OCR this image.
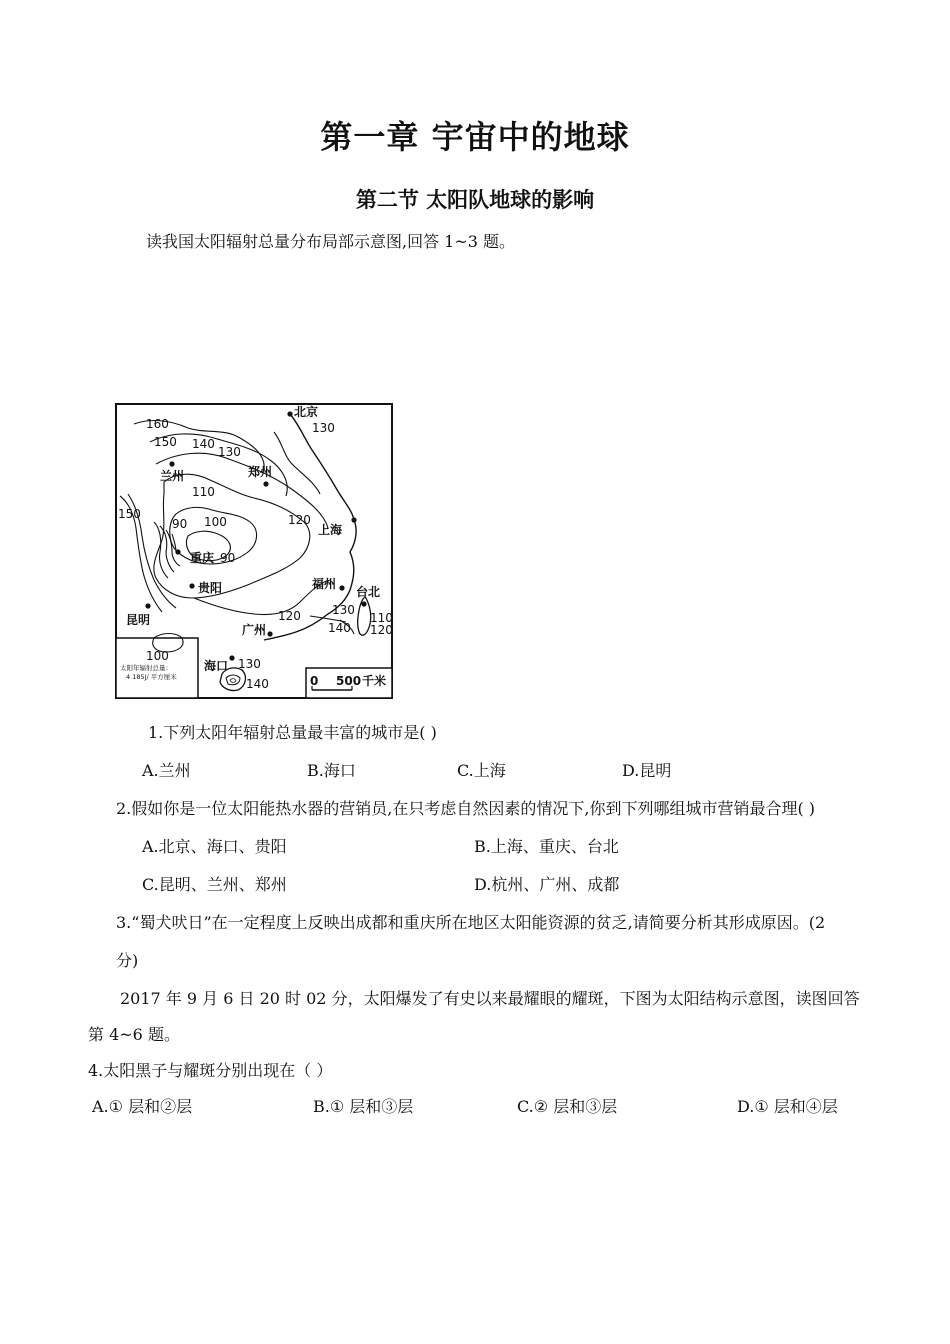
第一章 宇宙中的地球
第二节 太阳队地球的影响
读我国太阳辐射总量分布局部示意图,回答 1~3 题。
北京
兰州	郑州
上海
重庆
贵阳	福州
台北
昆明
广州
海口
160
150 140
130
130
110
150
90 100
90
120
120	130
140
110
120
130
140
100
太阳年辐射总量：
4 185J/ 平方厘米	0 500 千米
1.下列太阳年辐射总量最丰富的城市是( )
A.兰州	B.海口	C.上海	D.昆明
2.假如你是一位太阳能热水器的营销员,在只考虑自然因素的情况下,你到下列哪组城市营销最合理( )
A.北京、海口、贵阳	B.上海、重庆、台北
C.昆明、兰州、郑州	D.杭州、广州、成都
3.“蜀犬吠日”在一定程度上反映出成都和重庆所在地区太阳能资源的贫乏,请简要分析其形成原因。(2
分)
2017 年 9 月 6 日 20 时 02 分，太阳爆发了有史以来最耀眼的耀斑，下图为太阳结构示意图，读图回答
第 4~6 题。
4.太阳黑子与耀斑分别出现在（ ）
A.① 层和②层	B.① 层和③层	C.② 层和③层	D.① 层和④层
